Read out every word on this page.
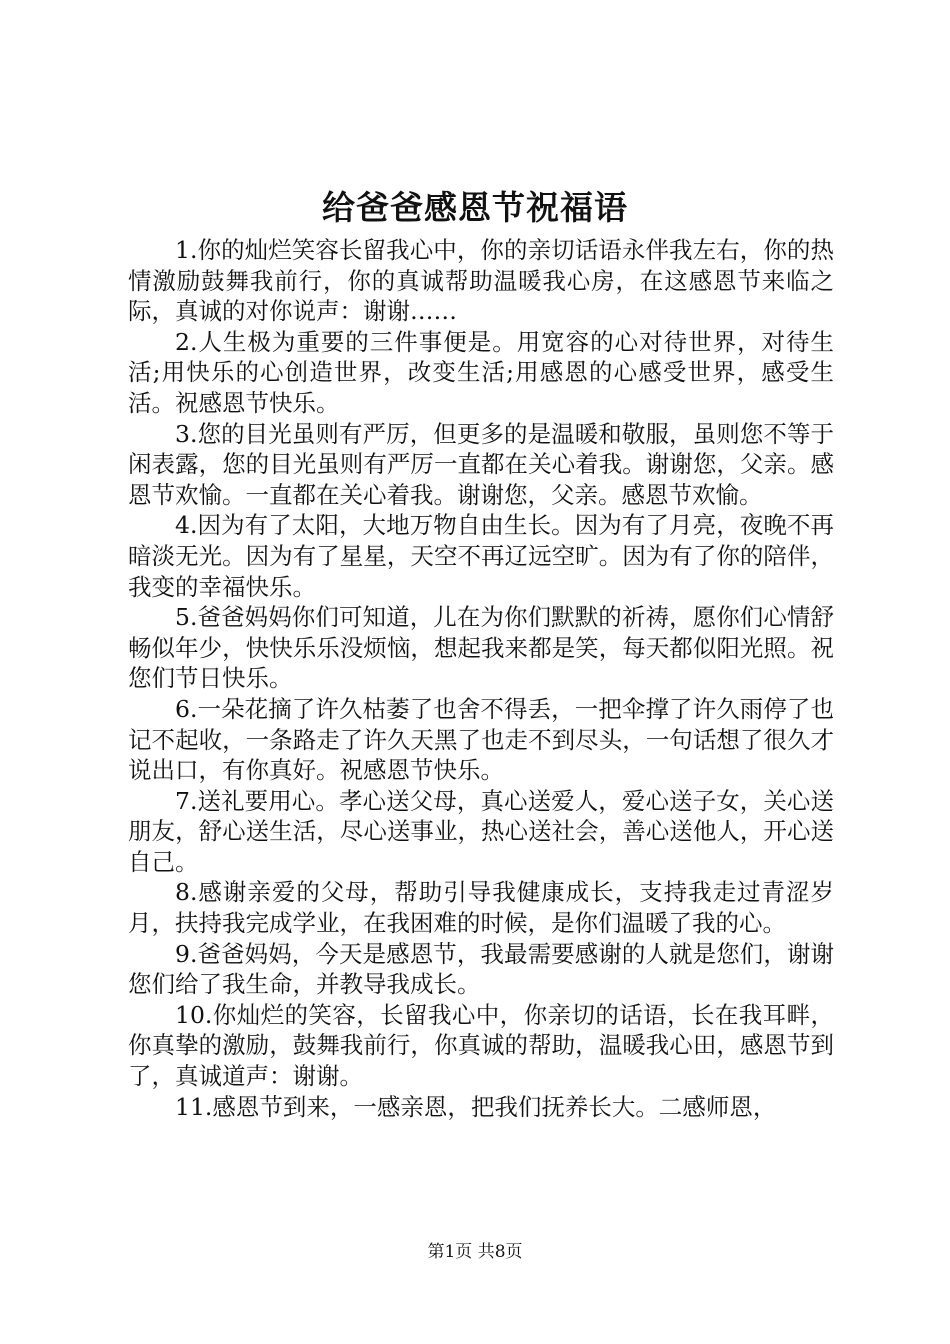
给爸爸感恩节祝福语

1.你的灿烂笑容长留我心中，你的亲切话语永伴我左右，你的热情激励鼓舞我前行，你的真诚帮助温暖我心房，在这感恩节来临之际，真诚的对你说声：谢谢……

2.人生极为重要的三件事便是。用宽容的心对待世界，对待生活;用快乐的心创造世界，改变生活;用感恩的心感受世界，感受生活。祝感恩节快乐。

3.您的目光虽则有严厉，但更多的是温暖和敬服，虽则您不等于闲表露，您的目光虽则有严厉一直都在关心着我。谢谢您，父亲。感恩节欢愉。一直都在关心着我。谢谢您，父亲。感恩节欢愉。

4.因为有了太阳，大地万物自由生长。因为有了月亮，夜晚不再暗淡无光。因为有了星星，天空不再辽远空旷。因为有了你的陪伴，我变的幸福快乐。

5.爸爸妈妈你们可知道，儿在为你们默默的祈祷，愿你们心情舒畅似年少，快快乐乐没烦恼，想起我来都是笑，每天都似阳光照。祝您们节日快乐。

6.一朵花摘了许久枯萎了也舍不得丢，一把伞撑了许久雨停了也记不起收，一条路走了许久天黑了也走不到尽头，一句话想了很久才说出口，有你真好。祝感恩节快乐。

7.送礼要用心。孝心送父母，真心送爱人，爱心送子女，关心送朋友，舒心送生活，尽心送事业，热心送社会，善心送他人，开心送自己。

8.感谢亲爱的父母，帮助引导我健康成长，支持我走过青涩岁月，扶持我完成学业，在我困难的时候，是你们温暖了我的心。

9.爸爸妈妈，今天是感恩节，我最需要感谢的人就是您们，谢谢您们给了我生命，并教导我成长。

10.你灿烂的笑容，长留我心中，你亲切的话语，长在我耳畔，你真挚的激励，鼓舞我前行，你真诚的帮助，温暖我心田，感恩节到了，真诚道声：谢谢。

11.感恩节到来，一感亲恩，把我们抚养长大。二感师恩，

第1页 共8页
